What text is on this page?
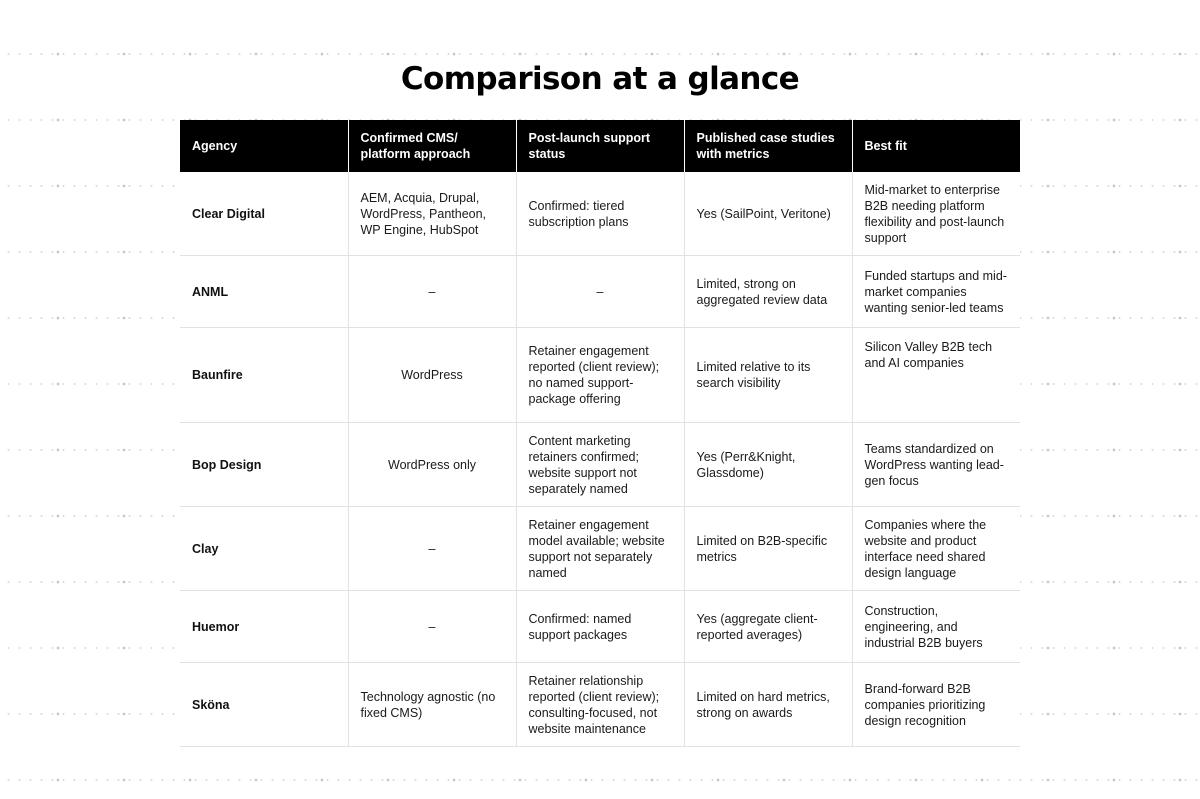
Comparison at a glance
Agency	Confirmed CMS/ platform approach	Post-launch support status	Published case studies with metrics	Best fit
Clear Digital	AEM, Acquia, Drupal, WordPress, Pantheon, WP Engine, HubSpot	Confirmed: tiered subscription plans	Yes (SailPoint, Veritone)	Mid-market to enterprise B2B needing platform flexibility and post-launch support
ANML	–	–	Limited, strong on aggregated review data	Funded startups and mid-market companies wanting senior-led teams
Baunfire	WordPress	Retainer engagement reported (client review); no named support-package offering	Limited relative to its search visibility	Silicon Valley B2B tech and AI companies
Bop Design	WordPress only	Content marketing retainers confirmed; website support not separately named	Yes (Perr&Knight, Glassdome)	Teams standardized on WordPress wanting lead-gen focus
Clay	–	Retainer engagement model available; website support not separately named	Limited on B2B-specific metrics	Companies where the website and product interface need shared design language
Huemor	–	Confirmed: named support packages	Yes (aggregate client-reported averages)	Construction, engineering, and industrial B2B buyers
Sköna	Technology agnostic (no fixed CMS)	Retainer relationship reported (client review); consulting-focused, not website maintenance	Limited on hard metrics, strong on awards	Brand-forward B2B companies prioritizing design recognition
